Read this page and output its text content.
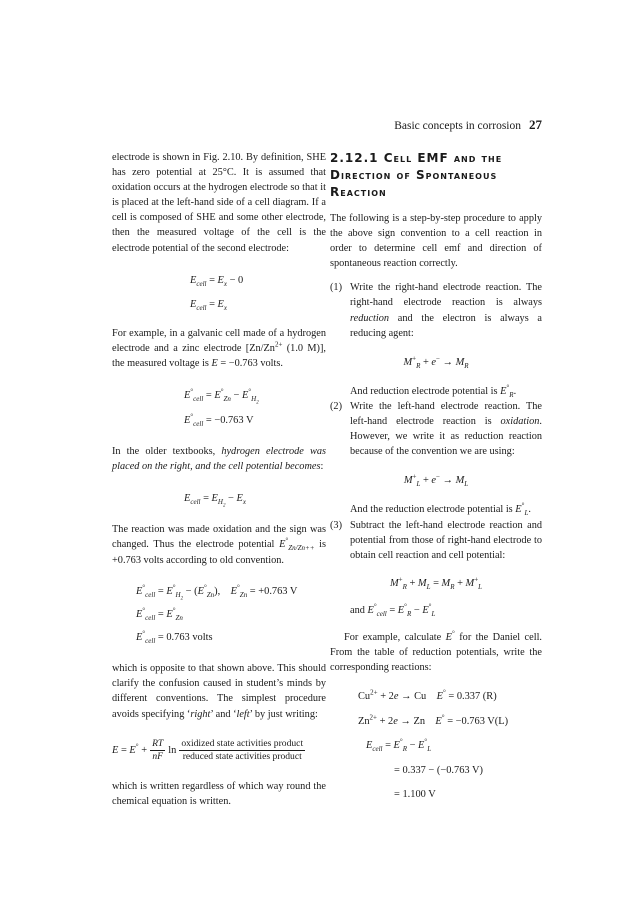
Basic concepts in corrosion 27

electrode is shown in Fig. 2.10. By definition, SHE has zero potential at 25°C. It is assumed that oxidation occurs at the hydrogen electrode so that it is placed at the left-hand side of a cell diagram. If a cell is composed of SHE and some other electrode, then the measured voltage of the cell is the electrode potential of the second electrode:

$E_{cell} = E_x - 0$
$E_{cell} = E_x$

For example, in a galvanic cell made of a hydrogen electrode and a zinc electrode [$Zn/Zn^{2+}$ (1.0 M)], the measured voltage is E = −0.763 volts.

$E^\circ_{cell} = E^\circ_{Zn} - E^\circ_{H_2}$
$E^\circ_{cell} = -0.763$ V

In the older textbooks, hydrogen electrode was placed on the right, and the cell potential becomes:

$E_{cell} = E_{H_2} - E_x$

The reaction was made oxidation and the sign was changed. Thus the electrode potential $E^\circ_{Zn/Zn++}$ is +0.763 volts according to old convention.

$E^\circ_{cell} = E^\circ_{H_2} - (E^\circ_{Zn})$,    $E^\circ_{Zn} = +0.763$ V
$E^\circ_{cell} = E^\circ_{Zn}$
$E^\circ_{cell} = 0.763$ volts

which is opposite to that shown above. This should clarify the confusion caused in student’s minds by different conventions. The simplest procedure avoids specifying ‘right’ and ‘left’ by just writing:

$E = E^\circ + \frac{RT}{nF}$ $\ln \frac{\text{oxidized state activities product}}{\text{reduced state activities product}}$

which is written regardless of which way round the chemical equation is written.

2.12.1 Cell EMF and the Direction of Spontaneous Reaction

The following is a step-by-step procedure to apply the above sign convention to a cell reaction in order to determine cell emf and direction of spontaneous reaction correctly.

(1) Write the right-hand electrode reaction. The right-hand electrode reaction is always reduction and the electron is always a reducing agent:
$M^+_R + e^- \to M_R$

And reduction electrode potential is $E^\circ_R$.

(2) Write the left-hand electrode reaction. The left-hand electrode reaction is oxidation. However, we write it as reduction reaction because of the convention we are using:
$M^+_L + e^- \to M_L$

And the reduction electrode potential is $E^\circ_L$.

(3) Subtract the left-hand electrode reaction and potential from those of right-hand electrode to obtain cell reaction and cell potential:
$M^+_R + M_L = M_R + M^+_L$

and $E^\circ_{cell} = E^\circ_R - E^\circ_L$

For example, calculate E° for the Daniel cell. From the table of reduction potentials, write the corresponding reactions:

$Cu^{2+} + 2e \to Cu$    E° = 0.337 (R)
$Zn^{2+} + 2e \to Zn$    E° = −0.763 V(L)
$E_{cell} = E^\circ_R - E^\circ_L$
= 0.337 − (−0.763 V)
= 1.100 V
